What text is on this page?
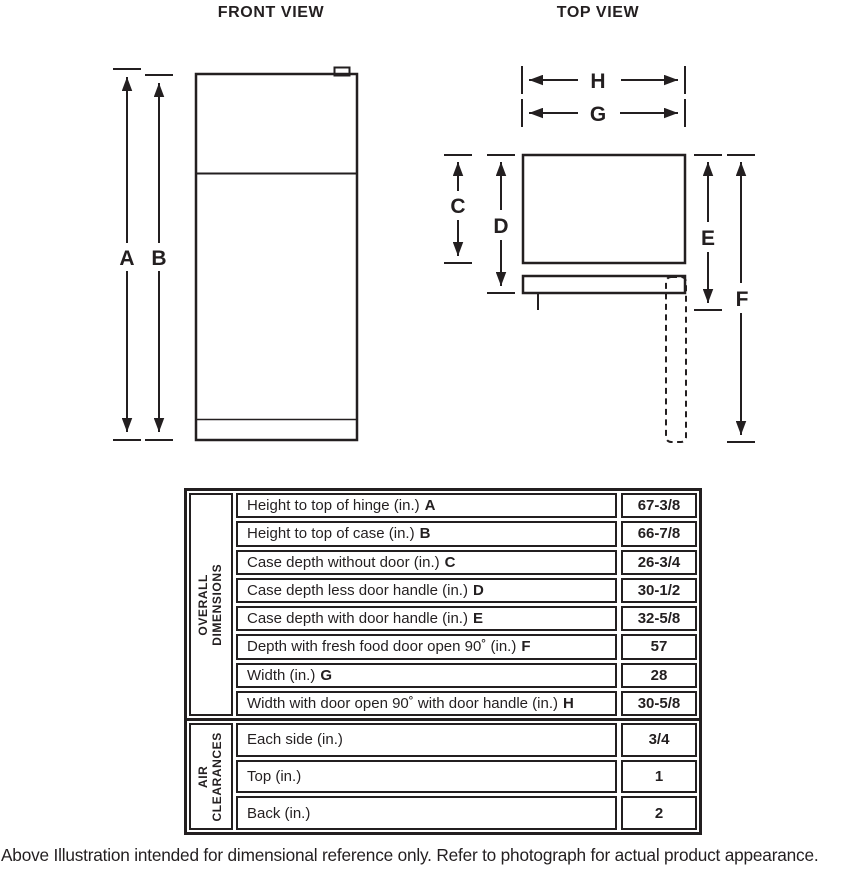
FRONT VIEW	TOP VIEW
A B
H
G
C
D
E
F
OVERALL DIMENSIONS
Height to top of hinge (in.) A	67-3/8
Height to top of case (in.) B	66-7/8
Case depth without door (in.) C	26-3/4
Case depth less door handle (in.) D	30-1/2
Case depth with door handle (in.) E	32-5/8
Depth with fresh food door open 90˚ (in.) F	57
Width (in.) G	28
Width with door open 90˚ with door handle (in.) H	30-5/8
AIR CLEARANCES Each side (in.)	3/4
Top (in.)	1
Back (in.)	2
Above Illustration intended for dimensional reference only. Refer to photograph for actual product appearance.
